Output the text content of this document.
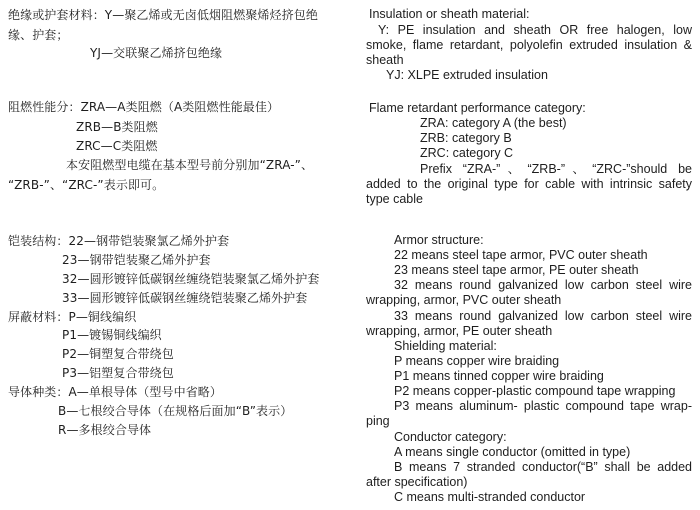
绝缘或护套材料：Y—聚乙烯或无卤低烟阻燃聚烯烃挤包绝
缘、护套；
YJ—交联聚乙烯挤包绝缘
阻燃性能分：ZRA—A类阻燃（A类阻燃性能最佳）
ZRB—B类阻燃
ZRC—C类阻燃
本安阻燃型电缆在基本型号前分别加“ZRA-”、
“ZRB-”、“ZRC-”表示即可。
铠装结构：22—钢带铠装聚氯乙烯外护套
23—钢带铠装聚乙烯外护套
32—圆形镀锌低碳钢丝缠绕铠装聚氯乙烯外护套
33—圆形镀锌低碳钢丝缠绕铠装聚乙烯外护套
屏蔽材料：P—铜线编织
P1—镀锡铜线编织
P2—铜塑复合带绕包
P3—铝塑复合带绕包
导体种类：A—单根导体（型号中省略）
B—七根绞合导体（在规格后面加“B”表示）
R—多根绞合导体
Insulation or sheath material:
Y: PE insulation and sheath OR free halogen, low
smoke, flame retardant, polyolefin extruded insulation &
sheath
YJ: XLPE extruded insulation
Flame retardant performance category:
ZRA: category A (the best)
ZRB: category B
ZRC: category C
Prefix “ZRA-”、“ZRB-”、“ZRC-”should be
added to the original type for cable with intrinsic safety
type cable
Armor structure:
22 means steel tape armor, PVC outer sheath
23 means steel tape armor, PE outer sheath
32 means round galvanized low carbon steel wire
wrapping, armor, PVC outer sheath
33 means round galvanized low carbon steel wire
wrapping, armor, PE outer sheath
Shielding material:
P means copper wire braiding
P1 means tinned copper wire braiding
P2 means copper-plastic compound tape wrapping
P3 means aluminum- plastic compound tape wrap-
ping
Conductor category:
A means single conductor (omitted in type)
B means 7 stranded conductor(“B” shall be added
after specification)
C means multi-stranded conductor
